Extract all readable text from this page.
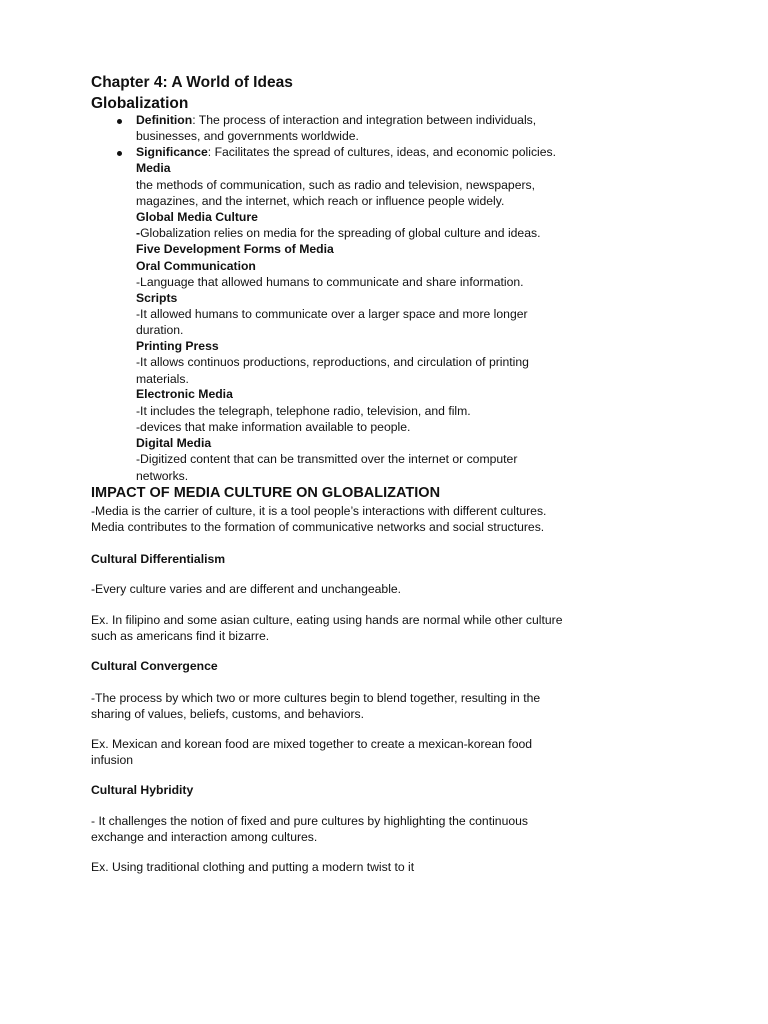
Chapter 4: A World of Ideas
Globalization
Definition: The process of interaction and integration between individuals,
businesses, and governments worldwide.
Significance: Facilitates the spread of cultures, ideas, and economic policies.
Media
the methods of communication, such as radio and television, newspapers,
magazines, and the internet, which reach or influence people widely.
Global Media Culture
-Globalization relies on media for the spreading of global culture and ideas.
Five Development Forms of Media
Oral Communication
-Language that allowed humans to communicate and share information.
Scripts
-It allowed humans to communicate over a larger space and more longer
duration.
Printing Press
-It allows continuos productions, reproductions, and circulation of printing
materials.
Electronic Media
-It includes the telegraph, telephone radio, television, and film.
-devices that make information available to people.
Digital Media
-Digitized content that can be transmitted over the internet or computer
networks.
IMPACT OF MEDIA CULTURE ON GLOBALIZATION
-Media is the carrier of culture, it is a tool people’s interactions with different cultures.
Media contributes to the formation of communicative networks and social structures.
Cultural Differentialism
-Every culture varies and are different and unchangeable.
Ex. In filipino and some asian culture, eating using hands are normal while other culture
such as americans find it bizarre.
Cultural Convergence
-The process by which two or more cultures begin to blend together, resulting in the
sharing of values, beliefs, customs, and behaviors.
Ex. Mexican and korean food are mixed together to create a mexican-korean food
infusion
Cultural Hybridity
- It challenges the notion of fixed and pure cultures by highlighting the continuous
exchange and interaction among cultures.
Ex. Using traditional clothing and putting a modern twist to it
